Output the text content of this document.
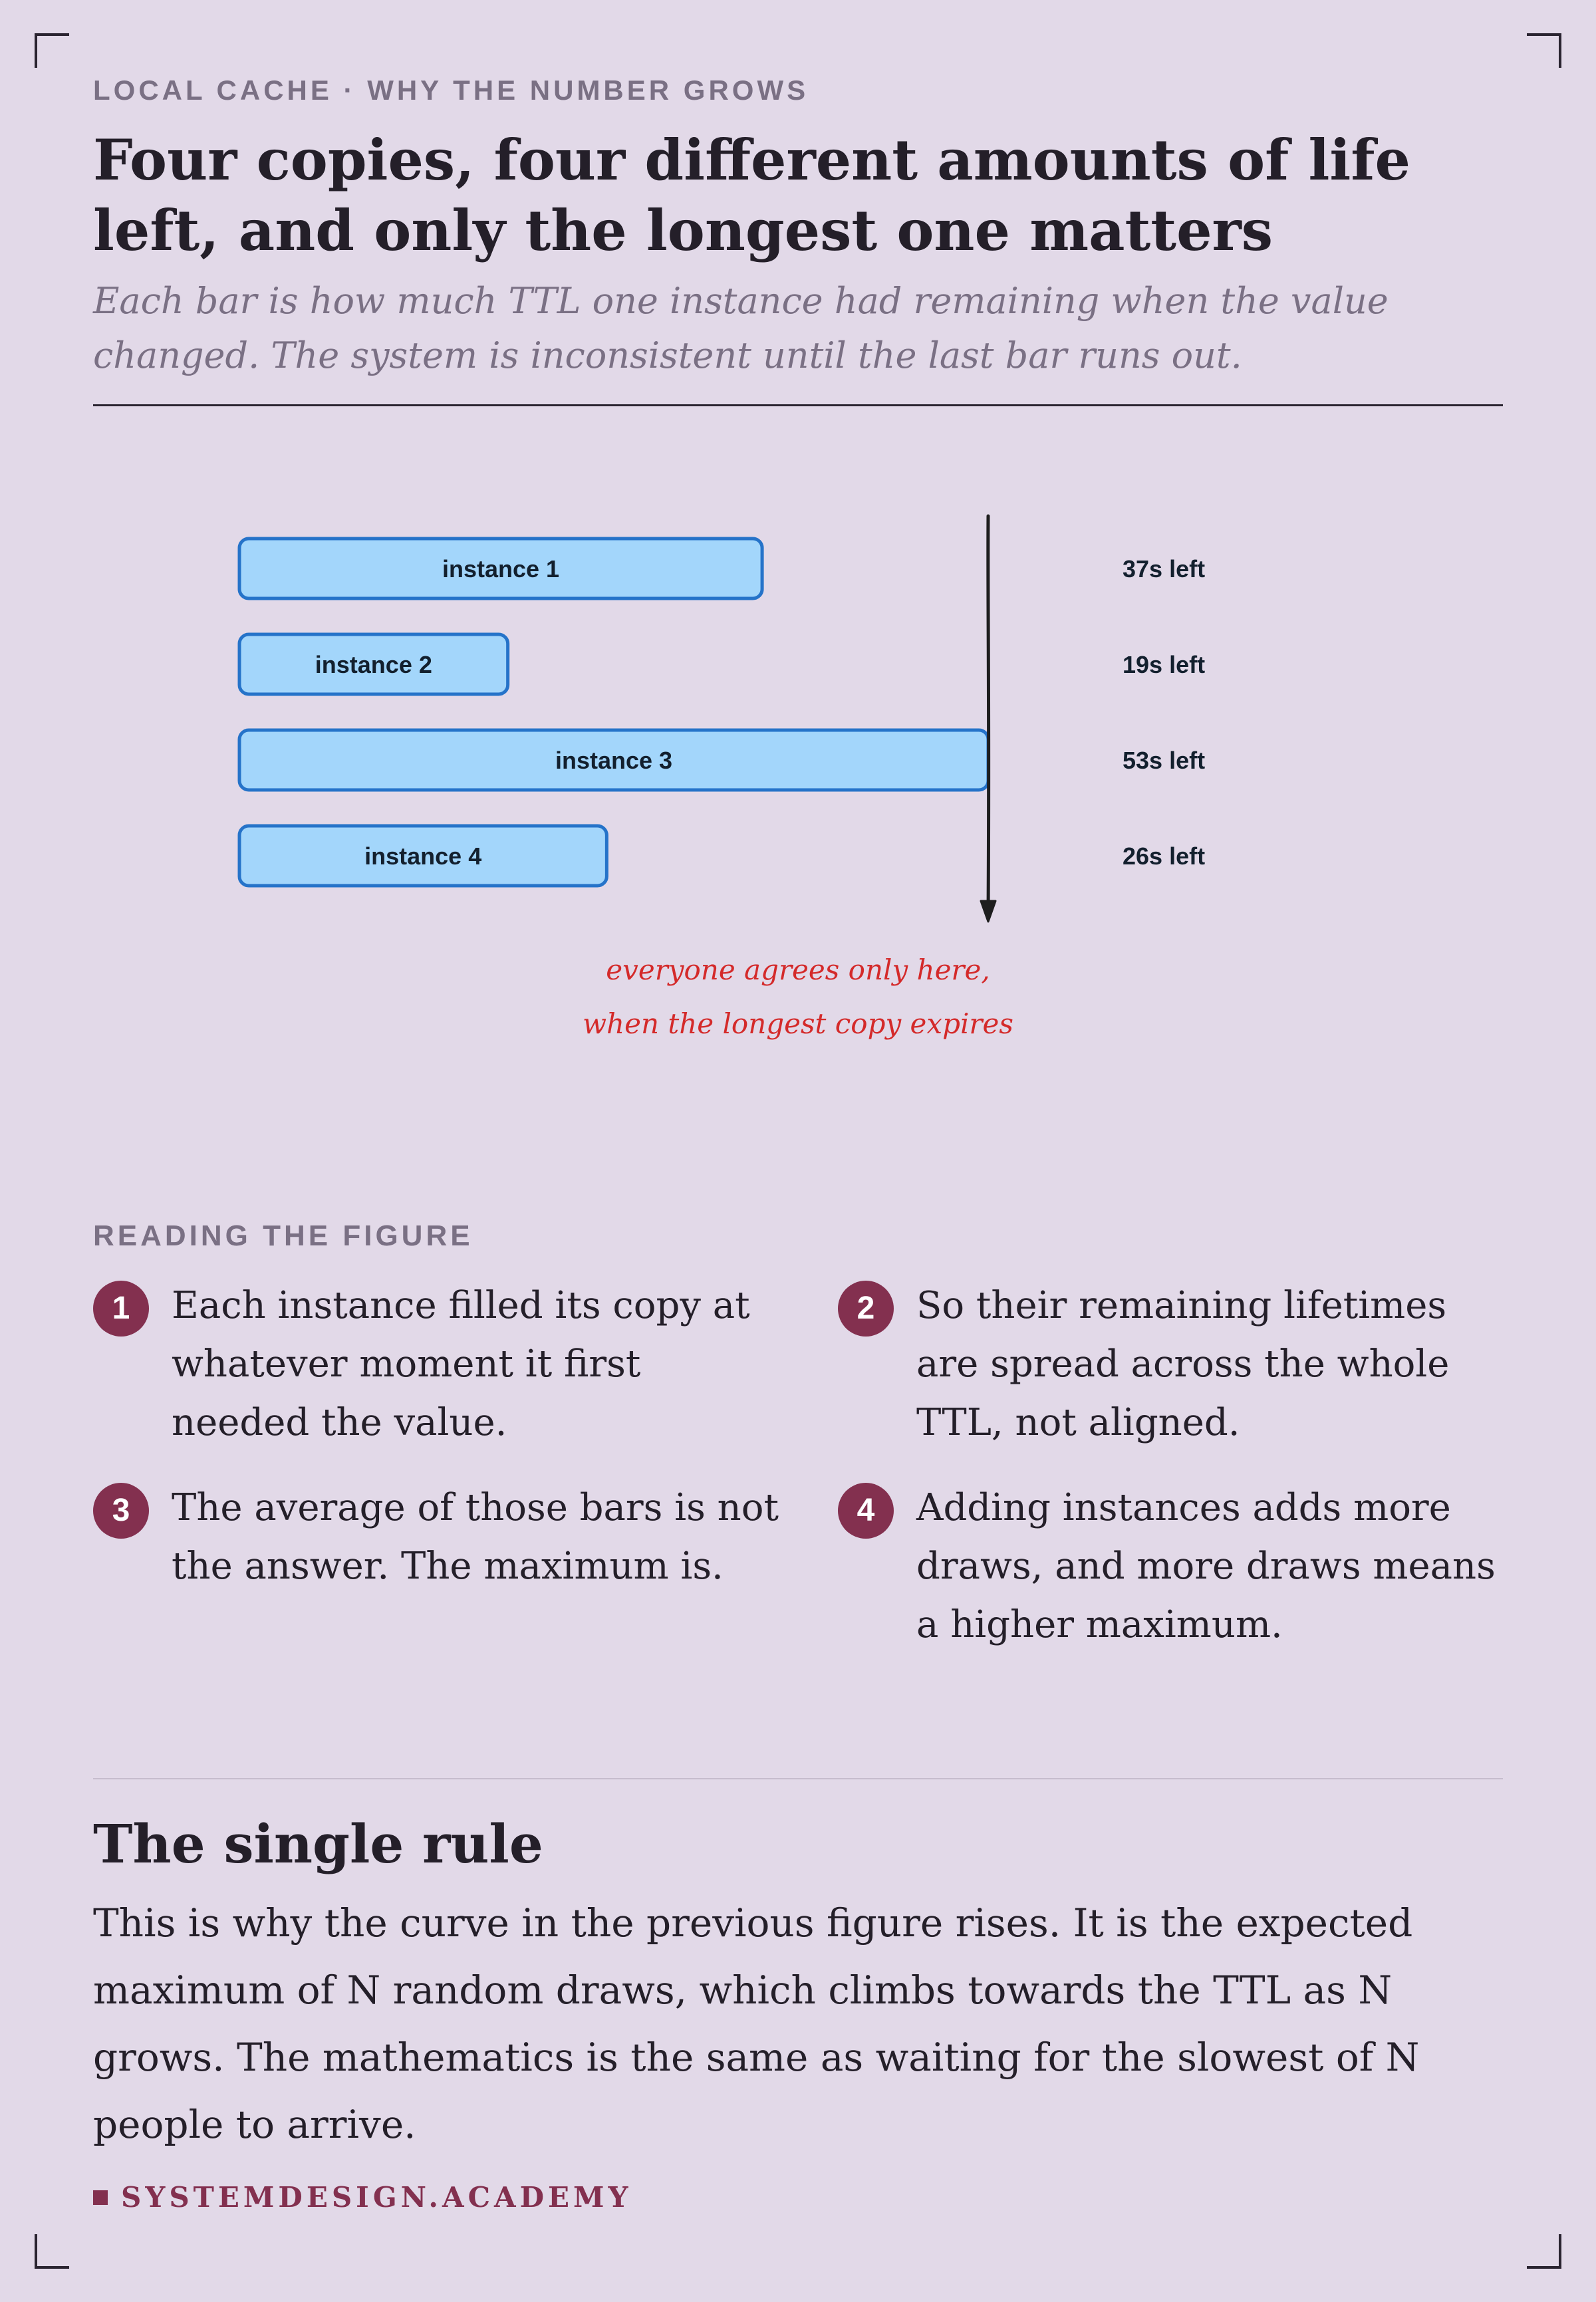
LOCAL CACHE · WHY THE NUMBER GROWS
Four copies, four different amounts of life left, and only the longest one matters

Each bar is how much TTL one instance had remaining when the value changed. The system is inconsistent until the last bar runs out.

instance 1	37s left
instance 2	19s left
instance 3	53s left
instance 4	26s left
everyone agrees only here,
when the longest copy expires
READING THE FIGURE
1	Each instance filled its copy at whatever moment it first needed the value.
2	So their remaining lifetimes are spread across the whole TTL, not aligned.
3	The average of those bars is not the answer. The maximum is.
4	Adding instances adds more draws, and more draws means a higher maximum.
The single rule

This is why the curve in the previous figure rises. It is the expected maximum of N random draws, which climbs towards the TTL as N grows. The mathematics is the same as waiting for the slowest of N people to arrive.

SYSTEMDESIGN.ACADEMY
